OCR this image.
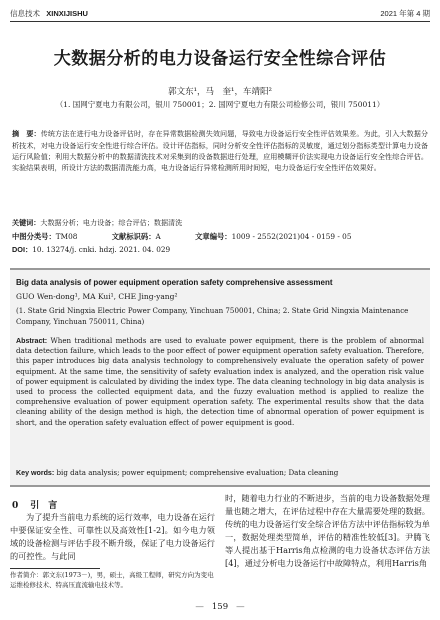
信息技术 XINXIJISHU	2021 年第 4 期
大数据分析的电力设备运行安全性综合评估
郭文东¹，马　奎¹，车靖阳²
（1. 国网宁夏电力有限公司，银川 750001；2. 国网宁夏电力有限公司检修公司，银川 750011）
摘　要：传统方法在进行电力设备评估时，存在异常数据检测失效问题，导致电力设备运行安全性评估效果差。为此，引入大数据分析技术，对电力设备运行安全性进行综合评估。设计评估指标，同时分析安全性评估指标的灵敏度，通过划分指标类型计算电力设备运行风险值；利用大数据分析中的数据清洗技术对采集到的设备数据进行处理，应用模糊评价法实现电力设备运行安全性综合评估。实验结果表明，所设计方法的数据清洗能力高，电力设备运行异常检测所用时间短，电力设备运行安全性评估效果好。
关键词：大数据分析；电力设备；综合评估；数据清洗
中图分类号：TM08	文献标识码：A	文章编号：1009 - 2552(2021)04 - 0159 - 05
DOI：10. 13274/j. cnki. hdzj. 2021. 04. 029
Big data analysis of power equipment operation safety comprehensive assessment
GUO Wen-dong¹, MA Kui¹, CHE Jing-yang²
(1. State Grid Ningxia Electric Power Company, Yinchuan 750001, China; 2. State Grid Ningxia Maintenance Company, Yinchuan 750011, China)
Abstract: When traditional methods are used to evaluate power equipment, there is the problem of abnormal data detection failure, which leads to the poor effect of power equipment operation safety evaluation. Therefore, this paper introduces big data analysis technology to comprehensively evaluate the operation safety of power equipment. At the same time, the sensitivity of safety evaluation index is analyzed, and the operation risk value of power equipment is calculated by dividing the index type. The data cleaning technology in big data analysis is used to process the collected equipment data, and the fuzzy evaluation method is applied to realize the comprehensive evaluation of power equipment operation safety. The experimental results show that the data cleaning ability of the design method is high, the detection time of abnormal operation of power equipment is short, and the operation safety evaluation effect of power equipment is good.
Key words: big data analysis; power equipment; comprehensive evaluation; Data cleaning
0 引　言
为了提升当前电力系统的运行效率，电力设备在运行中要保证安全性、可靠性以及高效性[1-2]。如今电力领域的设备检测与评估手段不断升级，保证了电力设备运行的可控性。与此同
时，随着电力行业的不断进步，当前的电力设备数据处理量也随之增大，在评估过程中存在大量需要处理的数据。传统的电力设备运行安全综合评估方法中评估指标较为单一，数据处理类型简单，评估的精准性较低[3]。尹腾飞等人提出基于Harris角点检测的电力设备状态评估方法[4]，通过分析电力设备运行中故障特点，利用Harris角
作者简介：郭文东(1973－)，男，硕士，高级工程师，研究方向为变电运维检修技术、特高压直流输电技术等。
— 159 —
